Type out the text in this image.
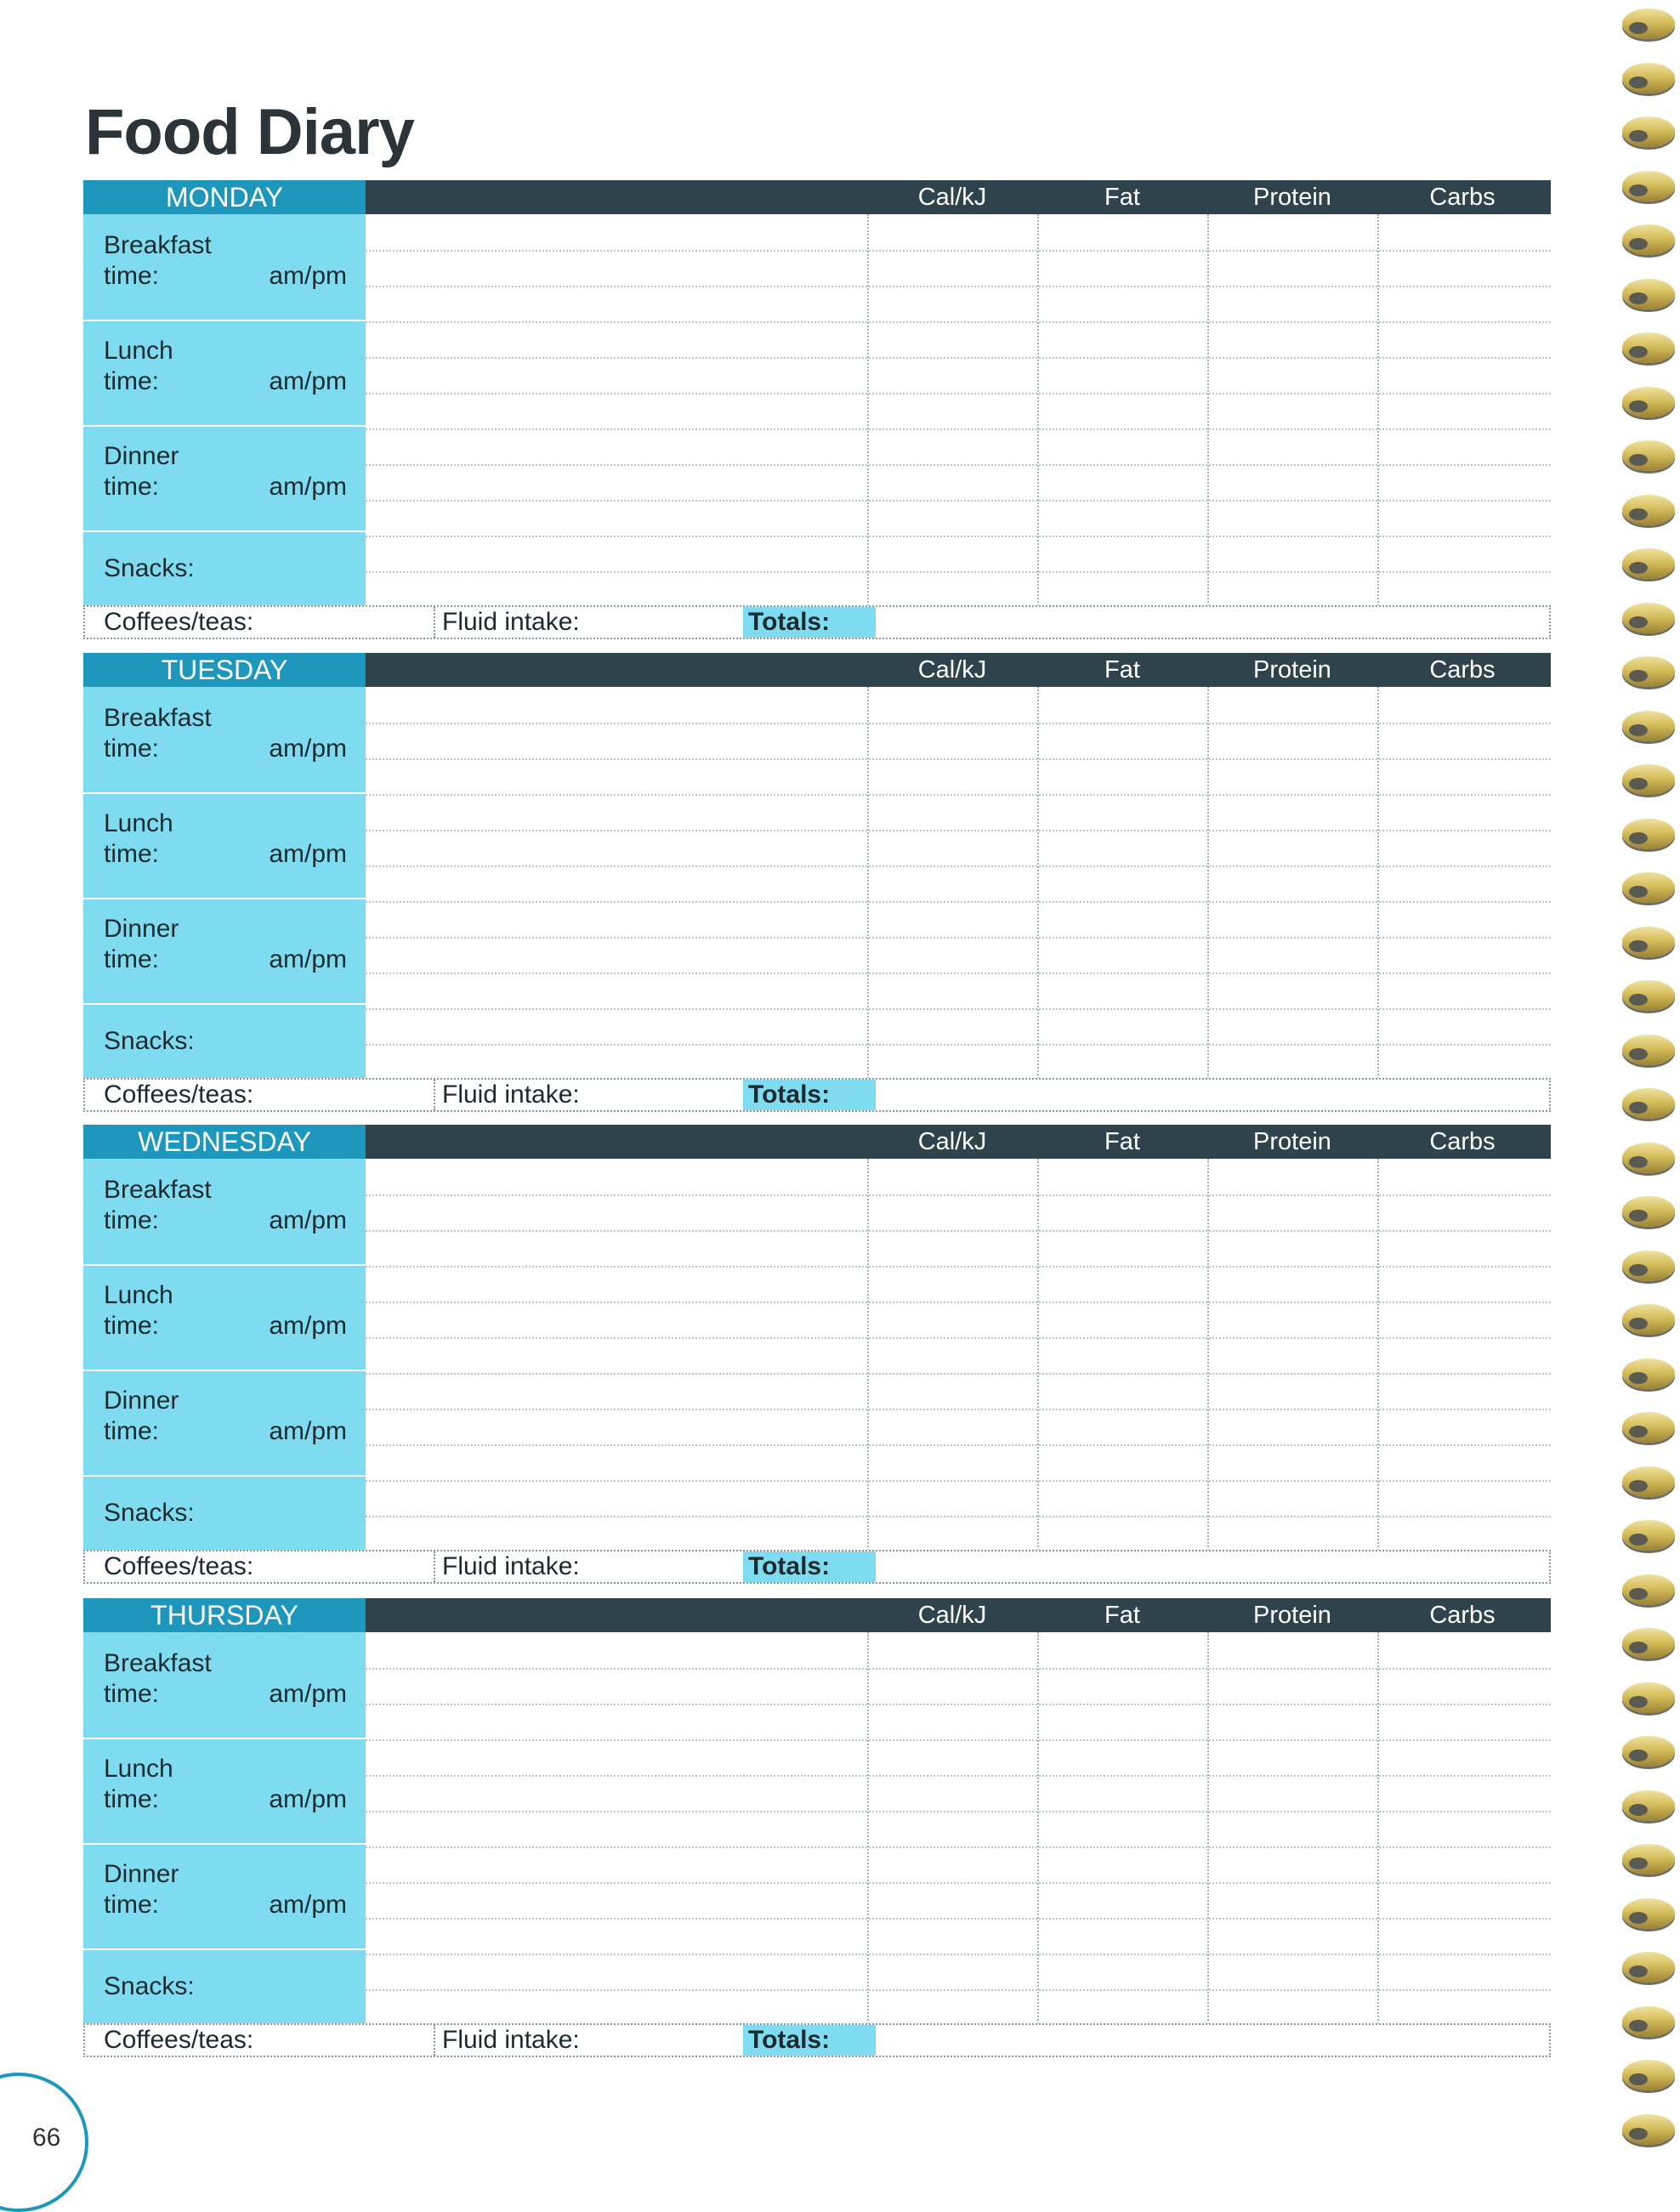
Food Diary
MONDAY	Cal/kJ	Fat	Protein	Carbs
Breakfast
time:	am/pm
Lunch
time:	am/pm
Dinner
time:	am/pm
Snacks:
Coffees/teas:	Fluid intake:	Totals:
TUESDAY	Cal/kJ	Fat	Protein	Carbs
Breakfast
time:	am/pm
Lunch
time:	am/pm
Dinner
time:	am/pm
Snacks:
Coffees/teas:	Fluid intake:	Totals:
WEDNESDAY	Cal/kJ	Fat	Protein	Carbs
Breakfast
time:	am/pm
Lunch
time:	am/pm
Dinner
time:	am/pm
Snacks:
Coffees/teas:	Fluid intake:	Totals:
THURSDAY	Cal/kJ	Fat	Protein	Carbs
Breakfast
time:	am/pm
Lunch
time:	am/pm
Dinner
time:	am/pm
Snacks:
Coffees/teas:	Fluid intake:	Totals:
66
